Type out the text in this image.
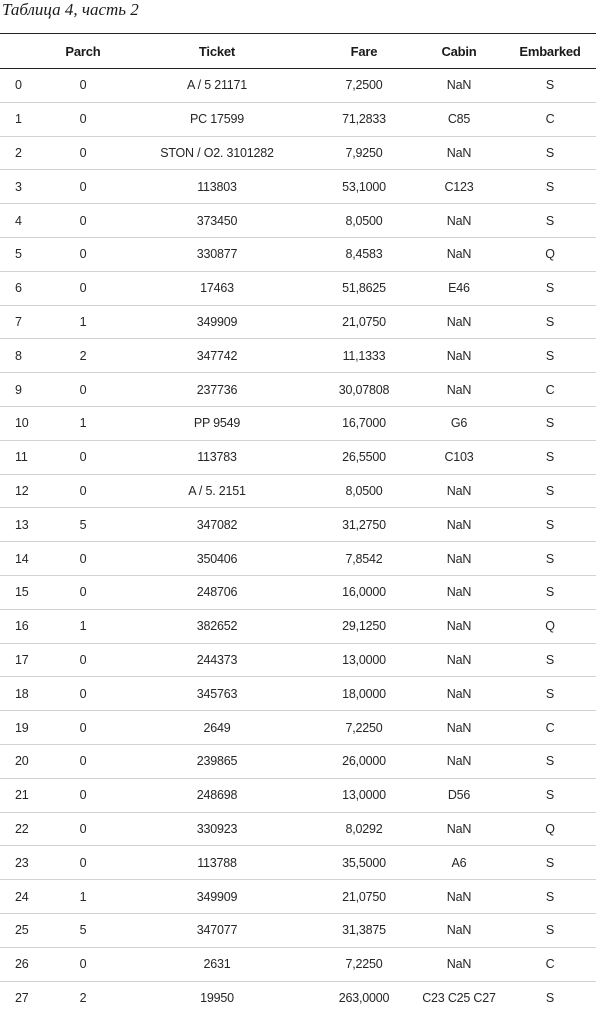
Таблица 4, часть 2
	Parch	Ticket	Fare	Cabin	Embarked
0	0	A / 5 21171	7,2500	NaN	S
1	0	PC 17599	71,2833	C85	C
2	0	STON / O2. 3101282	7,9250	NaN	S
3	0	113803	53,1000	C123	S
4	0	373450	8,0500	NaN	S
5	0	330877	8,4583	NaN	Q
6	0	17463	51,8625	E46	S
7	1	349909	21,0750	NaN	S
8	2	347742	11,1333	NaN	S
9	0	237736	30,07808	NaN	C
10	1	PP 9549	16,7000	G6	S
11	0	113783	26,5500	C103	S
12	0	A / 5. 2151	8,0500	NaN	S
13	5	347082	31,2750	NaN	S
14	0	350406	7,8542	NaN	S
15	0	248706	16,0000	NaN	S
16	1	382652	29,1250	NaN	Q
17	0	244373	13,0000	NaN	S
18	0	345763	18,0000	NaN	S
19	0	2649	7,2250	NaN	C
20	0	239865	26,0000	NaN	S
21	0	248698	13,0000	D56	S
22	0	330923	8,0292	NaN	Q
23	0	113788	35,5000	A6	S
24	1	349909	21,0750	NaN	S
25	5	347077	31,3875	NaN	S
26	0	2631	7,2250	NaN	C
27	2	19950	263,0000	C23 C25 C27	S
